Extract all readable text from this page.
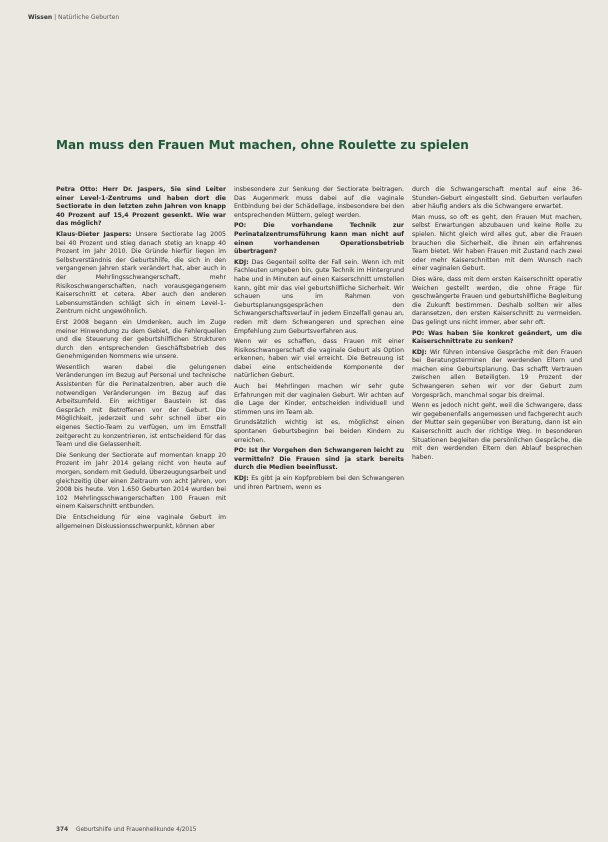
Wissen | Natürliche Geburten
Man muss den Frauen Mut machen, ohne Roulette zu spielen

Petra Otto: Herr Dr. Jaspers, Sie sind Leiter einer Level-1-Zentrums und haben dort die Sectiorate in den letzten zehn Jahren von knapp 40 Prozent auf 15,4 Prozent gesenkt. Wie war das möglich?

Klaus-Dieter Jaspers: Unsere Sectiorate lag 2005 bei 40 Prozent und stieg danach stetig an knapp 40 Prozent im Jahr 2010. Die Gründe hierfür liegen im Selbstverständnis der Geburtshilfe, die sich in den vergangenen Jahren stark verändert hat, aber auch in der Mehrlingsschwangerschaft, mehr Risikoschwangerschaften, nach vorausgegangenem Kaiserschnitt et cetera. Aber auch den anderen Lebensumständen schlägt sich in einem Level-1-Zentrum nicht ungewöhnlich.

Erst 2008 begann ein Umdenken, auch im Zuge meiner Hinwendung zu dem Gebiet, die Fehlerquellen und die Steuerung der geburtshilflichen Strukturen durch den entsprechenden Geschäftsbetrieb des Genehmigenden Nommens wie unsere.

Wesentlich waren dabei die gelungenen Veränderungen im Bezug auf Personal und technische Assistenten für die Perinatalzentren, aber auch die notwendigen Veränderungen im Bezug auf das Arbeitsumfeld. Ein wichtiger Baustein ist das Gespräch mit Betroffenen vor der Geburt. Die Möglichkeit, jederzeit und sehr schnell über ein eigenes Sectio-Team zu verfügen, um im Ernstfall zeitgerecht zu konzentrieren, ist entscheidend für das Team und die Gelassenheit.

Die Senkung der Sectiorate auf momentan knapp 20 Prozent im Jahr 2014 gelang nicht von heute auf morgen, sondern mit Geduld, Überzeugungsarbeit und gleichzeitig über einen Zeitraum von acht Jahren, von 2008 bis heute. Von 1.650 Geburten 2014 wurden bei 102 Mehrlingsschwangerschaften 100 Frauen mit einem Kaiserschnitt entbunden.

Die Entscheidung für eine vaginale Geburt im allgemeinen Diskussionsschwerpunkt, können aber

insbesondere zur Senkung der Sectiorate beitragen. Das Augenmerk muss dabei auf die vaginale Entbindung bei der Schädellage, insbesondere bei den entsprechenden Müttern, gelegt werden.

PO: Die vorhandene Technik zur Perinatalzentrumsführung kann man nicht auf einen vorhandenen Operationsbetrieb übertragen?

KDJ: Das Gegenteil sollte der Fall sein. Wenn ich mit Fachleuten umgeben bin, gute Technik im Hintergrund habe und in Minuten auf einen Kaiserschnitt umstellen kann, gibt mir das viel geburtshilfliche Sicherheit. Wir schauen uns im Rahmen von Geburtsplanungsgesprächen den Schwangerschaftsverlauf in jedem Einzelfall genau an, reden mit dem Schwangeren und sprechen eine Empfehlung zum Geburtsverfahren aus.

Wenn wir es schaffen, dass Frauen mit einer Risikoschwangerschaft die vaginale Geburt als Option erkennen, haben wir viel erreicht. Die Betreuung ist dabei eine entscheidende Komponente der natürlichen Geburt.

Auch bei Mehrlingen machen wir sehr gute Erfahrungen mit der vaginalen Geburt. Wir achten auf die Lage der Kinder, entscheiden individuell und stimmen uns im Team ab.

Grundsätzlich wichtig ist es, möglichst einen spontanen Geburtsbeginn bei beiden Kindern zu erreichen.

PO: Ist Ihr Vorgehen den Schwangeren leicht zu vermitteln? Die Frauen sind ja stark bereits durch die Medien beeinflusst.

KDJ: Es gibt ja ein Kopfproblem bei den Schwangeren und ihren Partnern, wenn es

durch die Schwangerschaft mental auf eine 36-Stunden-Geburt eingestellt sind. Geburten verlaufen aber häufig anders als die Schwangere erwartet.

Man muss, so oft es geht, den Frauen Mut machen, selbst Erwartungen abzubauen und keine Rolle zu spielen. Nicht gleich wird alles gut, aber die Frauen brauchen die Sicherheit, die ihnen ein erfahrenes Team bietet. Wir haben Frauen mit Zustand nach zwei oder mehr Kaiserschnitten mit dem Wunsch nach einer vaginalen Geburt.

Dies wäre, dass mit dem ersten Kaiserschnitt operativ Weichen gestellt werden, die ohne Frage für geschwängerte Frauen und geburtshilfliche Begleitung die Zukunft bestimmen. Deshalb sollten wir alles daransetzen, den ersten Kaiserschnitt zu vermeiden. Das gelingt uns nicht immer, aber sehr oft.

PO: Was haben Sie konkret geändert, um die Kaiserschnittrate zu senken?

KDJ: Wir führen intensive Gespräche mit den Frauen bei Beratungsterminen der werdenden Eltern und machen eine Geburtsplanung. Das schafft Vertrauen zwischen allen Beteiligten. 19 Prozent der Schwangeren sehen wir vor der Geburt zum Vorgespräch, manchmal sogar bis dreimal.

Wenn es jedoch nicht geht, weil die Schwangere, dass wir gegebenenfalls angemessen und fachgerecht auch der Mutter sein gegenüber von Beratung, dann ist ein Kaiserschnitt auch der richtige Weg. In besonderen Situationen begleiten die persönlichen Gespräche, die mit den werdenden Eltern den Ablauf besprechen haben.

374 Geburtshilfe und Frauenheilkunde 4/2015
